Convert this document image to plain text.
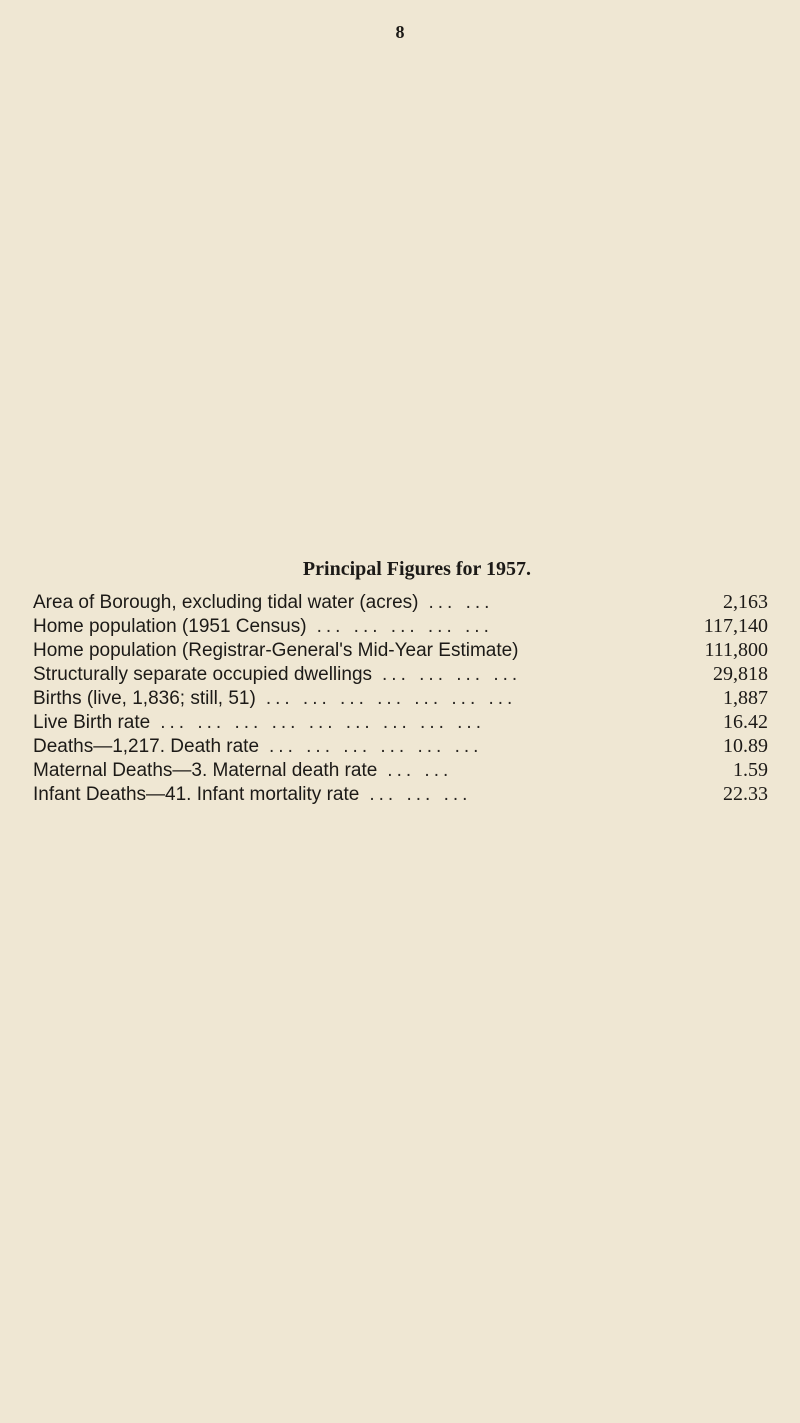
8
Principal Figures for 1957.
Area of Borough, excluding tidal water (acres) ... ...	2,163
Home population (1951 Census) ... ... ... ... ...	117,140
Home population (Registrar-General's Mid-Year Estimate)	111,800
Structurally separate occupied dwellings ... ... ... ...	29,818
Births (live, 1,836; still, 51) ... ... ... ... ... ... ...	1,887
Live Birth rate ... ... ... ... ... ... ... ... ...	16.42
Deaths—1,217. Death rate ... ... ... ... ... ...	10.89
Maternal Deaths—3. Maternal death rate ... ...	1.59
Infant Deaths—41. Infant mortality rate ... ... ...	22.33
